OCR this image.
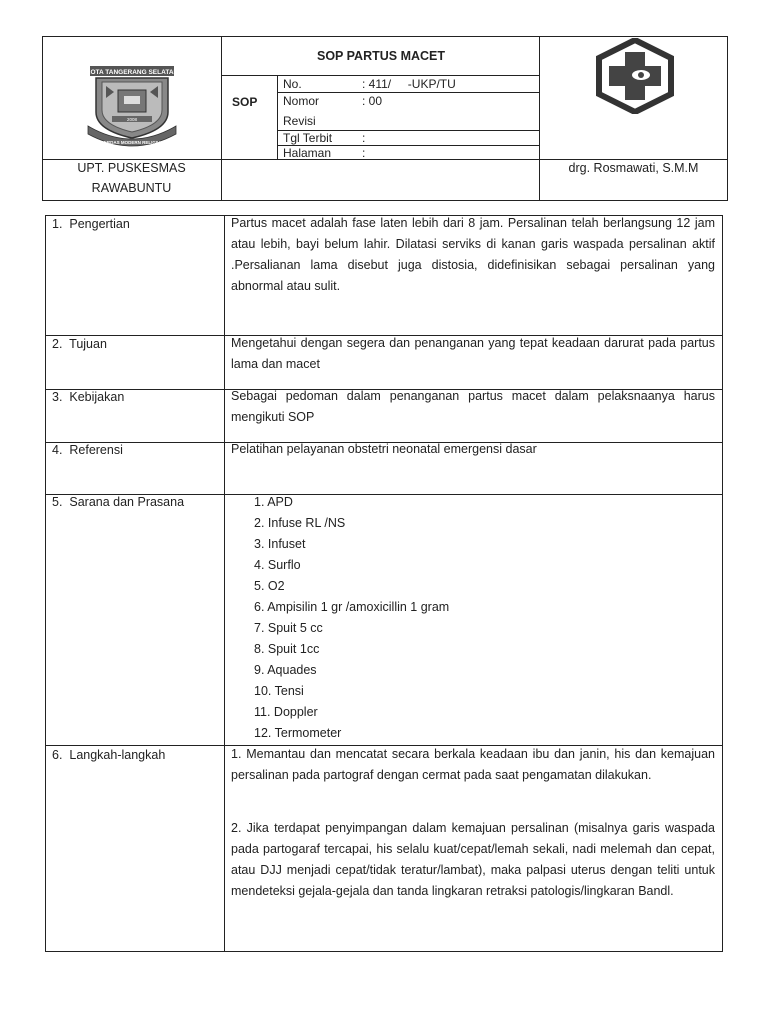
SOP PARTUS MACET
SOP
No.	: 411/     -UKP/TU
Nomor	: 00
Revisi
Tgl Terbit :
Halaman	:
UPT. PUSKESMAS
RAWABUNTU
drg. Rosmawati, S.M.M
KOTA TANGERANG SELATAN
2008
CERDAS MODERN RELIGIUS
1.  Pengertian	Partus macet adalah fase laten lebih dari 8 jam. Persalinan telah berlangsung 12 jam atau lebih, bayi belum lahir. Dilatasi serviks di kanan garis waspada persalinan aktif .Persalianan lama disebut juga distosia, didefinisikan sebagai persalinan yang abnormal atau sulit.
2.  Tujuan	Mengetahui dengan segera dan penanganan yang tepat keadaan darurat pada partus lama dan macet
3.  Kebijakan	Sebagai pedoman dalam penanganan partus macet dalam pelaksnaanya harus mengikuti SOP
4.  Referensi	Pelatihan pelayanan obstetri neonatal emergensi dasar
5.  Sarana dan Prasana	1. APD
2. Infuse RL /NS
3. Infuset
4. Surflo
5. O2
6. Ampisilin 1 gr /amoxicillin 1 gram
7. Spuit 5 cc
8. Spuit 1cc
9. Aquades
10. Tensi
11. Doppler
12. Termometer
6.  Langkah-langkah	1. Memantau dan mencatat secara berkala keadaan ibu dan janin, his dan kemajuan persalinan pada partograf dengan cermat pada saat pengamatan dilakukan.
2. Jika terdapat penyimpangan dalam kemajuan persalinan (misalnya garis waspada pada partogaraf tercapai, his selalu kuat/cepat/lemah sekali, nadi melemah dan cepat, atau DJJ menjadi cepat/tidak teratur/lambat), maka palpasi uterus dengan teliti untuk mendeteksi gejala-gejala dan tanda lingkaran retraksi patologis/lingkaran Bandl.
